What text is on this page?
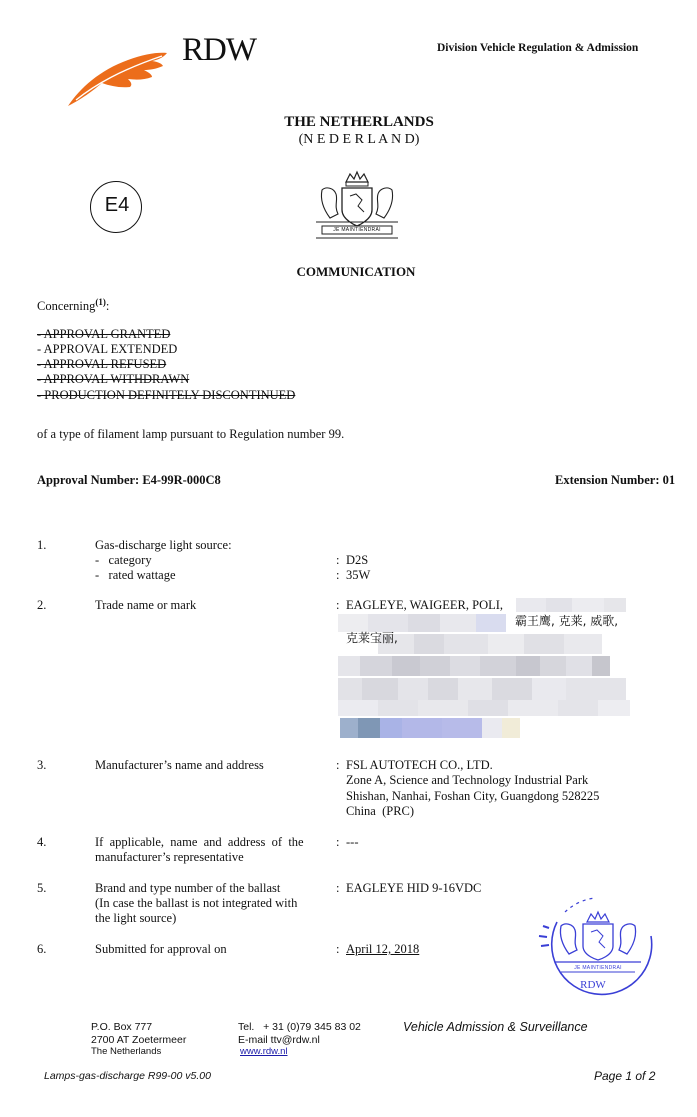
RDW	Division Vehicle Regulation & Admission
THE NETHERLANDS
(N E D E R L A N D)
E4
JE MAINTIENDRAI
COMMUNICATION
Concerning$^{(1)}$:
- APPROVAL GRANTED
- APPROVAL EXTENDED
- APPROVAL REFUSED
- APPROVAL WITHDRAWN
- PRODUCTION DEFINITELY DISCONTINUED
of a type of filament lamp pursuant to Regulation number 99.
Approval Number: E4-99R-000C8	Extension Number: 01
1.	Gas-discharge light source:
-   category	: D2S
-   rated wattage	: 35W
2.	Trade name or mark	: EAGLEYE, WAIGEER, POLI,
霸王鹰, 克莱, 威歌,
克莱宝丽,
3.	Manufacturer’s name and address	: FSL AUTOTECH CO., LTD.
Zone A, Science and Technology Industrial Park
Shishan, Nanhai, Foshan City, Guangdong 528225
China  (PRC)
4.	If  applicable,  name  and  address  of  the
manufacturer’s representative
: ---
5.	Brand and type number of the ballast
(In case the ballast is not integrated with
the light source)
: EAGLEYE HID 9-16VDC
6.	Submitted for approval on	: April 12, 2018
JE MAINTIENDRAI
RDW
P.O. Box 777
2700 AT Zoetermeer
The Netherlands
Tel.   + 31 (0)79 345 83 02
E-mail ttv@rdw.nl
www.rdw.nl
Vehicle Admission & Surveillance
Lamps-gas-discharge R99-00 v5.00	Page 1 of 2
